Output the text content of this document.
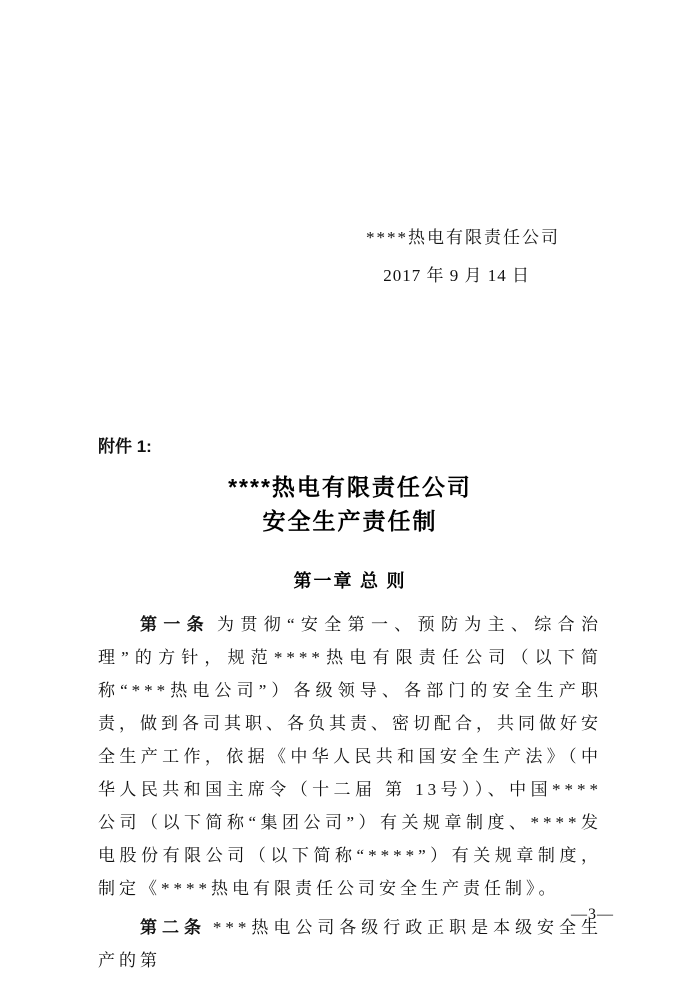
****热电有限责任公司
2017 年 9 月 14 日
附件 1:
****热电有限责任公司
安全生产责任制
第一章 总 则

第一条 为贯彻“安全第一、预防为主、综合治理”的方针，规范****热电有限责任公司（以下简称“***热电公司”）各级领导、各部门的安全生产职责，做到各司其职、各负其责、密切配合，共同做好安全生产工作，依据《中华人民共和国安全生产法》（中华人民共和国主席令（十二届 第 13号））、中国****公司（以下简称“集团公司”）有关规章制度、****发电股份有限公司（以下简称“****”）有关规章制度，制定《****热电有限责任公司安全生产责任制》。

第二条 ***热电公司各级行政正职是本级安全生产的第

—3—
